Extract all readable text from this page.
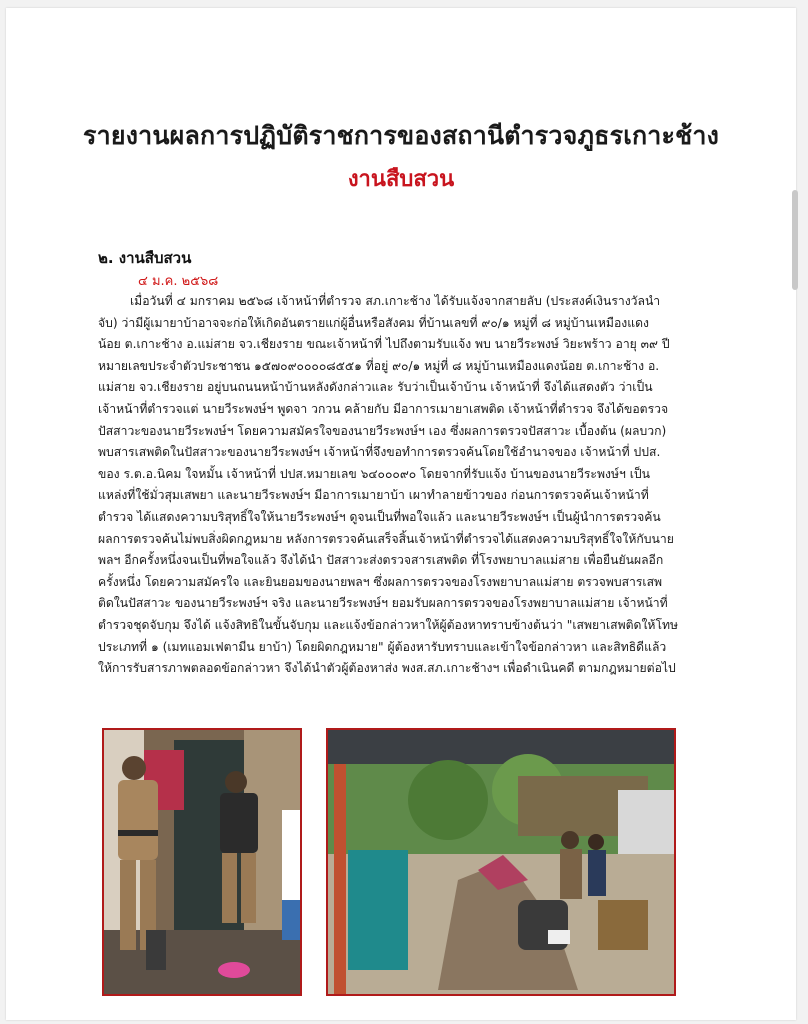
รายงานผลการปฏิบัติราชการของสถานีตำรวจภูธรเกาะช้าง
งานสืบสวน
๒. งานสืบสวน
๔ ม.ค. ๒๕๖๘
เมื่อวันที่ ๔ มกราคม ๒๕๖๘ เจ้าหน้าที่ตำรวจ สภ.เกาะช้าง ได้รับแจ้งจากสายลับ (ประสงค์เงินรางวัลนำ
จับ) ว่ามีผู้เมายาบ้าอาจจะก่อให้เกิดอันตรายแก่ผู้อื่นหรือสังคม ที่บ้านเลขที่ ๙๐/๑ หมู่ที่ ๘ หมู่บ้านเหมืองแดง
น้อย ต.เกาะช้าง อ.แม่สาย จว.เชียงราย ขณะเจ้าหน้าที่ ไปถึงตามรับแจ้ง พบ นายวีระพงษ์ วิยะพร้าว อายุ ๓๙ ปี
หมายเลขประจำตัวประชาชน ๑๕๗๐๙๐๐๐๐๘๕๕๑ ที่อยู่ ๙๐/๑ หมู่ที่ ๘ หมู่บ้านเหมืองแดงน้อย ต.เกาะช้าง อ.
แม่สาย จว.เชียงราย อยู่บนถนนหน้าบ้านหลังดังกล่าวและ รับว่าเป็นเจ้าบ้าน เจ้าหน้าที่ จึงได้แสดงตัว ว่าเป็น
เจ้าหน้าที่ตำรวจแต่ นายวีระพงษ์ฯ พูดจา วกวน คล้ายกับ มีอาการเมายาเสพติด เจ้าหน้าที่ตำรวจ จึงได้ขอตรวจ
ปัสสาวะของนายวีระพงษ์ฯ โดยความสมัครใจของนายวีระพงษ์ฯ เอง ซึ่งผลการตรวจปัสสาวะ เบื้องต้น (ผลบวก)
พบสารเสพติดในปัสสาวะของนายวีระพงษ์ฯ เจ้าหน้าที่จึงขอทำการตรวจค้นโดยใช้อำนาจของ เจ้าหน้าที่ ปปส.
ของ ร.ต.อ.นิคม ใจหมั้น เจ้าหน้าที่ ปปส.หมายเลข ๖๔๐๐๐๙๐ โดยจากที่รับแจ้ง บ้านของนายวีระพงษ์ฯ เป็น
แหล่งที่ใช้มั่วสุมเสพยา และนายวีระพงษ์ฯ มีอาการเมายาบ้า เผาทำลายข้าวของ ก่อนการตรวจค้นเจ้าหน้าที่
ตำรวจ ได้แสดงความบริสุทธิ์ใจให้นายวีระพงษ์ฯ ดูจนเป็นที่พอใจแล้ว และนายวีระพงษ์ฯ เป็นผู้นำการตรวจค้น
ผลการตรวจค้นไม่พบสิ่งผิดกฎหมาย หลังการตรวจค้นเสร็จสิ้นเจ้าหน้าที่ตำรวจได้แสดงความบริสุทธิ์ใจให้กับนาย
พลฯ อีกครั้งหนึ่งจนเป็นที่พอใจแล้ว จึงได้นำ ปัสสาวะส่งตรวจสารเสพติด ที่โรงพยาบาลแม่สาย เพื่อยืนยันผลอีก
ครั้งหนึ่ง โดยความสมัครใจ และยินยอมของนายพลฯ ซึ่งผลการตรวจของโรงพยาบาลแม่สาย ตรวจพบสารเสพ
ติดในปัสสาวะ ของนายวีระพงษ์ฯ จริง และนายวีระพงษ์ฯ ยอมรับผลการตรวจของโรงพยาบาลแม่สาย เจ้าหน้าที่
ตำรวจชุดจับกุม จึงได้ แจ้งสิทธิในขั้นจับกุม และแจ้งข้อกล่าวหาให้ผู้ต้องหาทราบข้างต้นว่า "เสพยาเสพติดให้โทษ
ประเภทที่ ๑ (เมทแอมเฟตามีน ยาบ้า) โดยผิดกฎหมาย" ผู้ต้องหารับทราบและเข้าใจข้อกล่าวหา และสิทธิดีแล้ว
ให้การรับสารภาพตลอดข้อกล่าวหา จึงได้นำตัวผู้ต้องหาส่ง พงส.สภ.เกาะช้างฯ เพื่อดำเนินคดี ตามกฎหมายต่อไป
